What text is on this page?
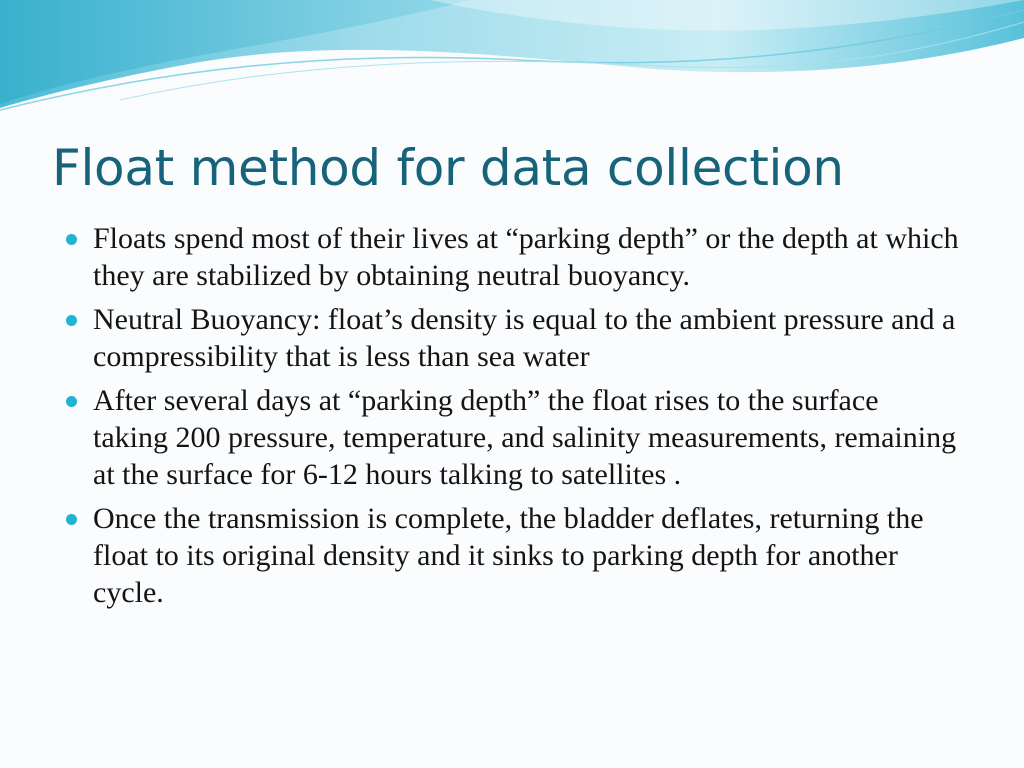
Float method for data collection
Floats spend most of their lives at “parking depth” or the depth at which they are stabilized by obtaining neutral buoyancy.
Neutral Buoyancy: float’s density is equal to the ambient pressure and a compressibility that is less than sea water
After several days at “parking depth” the float rises to the surface taking 200 pressure, temperature, and salinity measurements, remaining at the surface for 6-12 hours talking to satellites .
Once the transmission is complete, the bladder deflates, returning the float to its original density and it sinks to parking depth for another cycle.
